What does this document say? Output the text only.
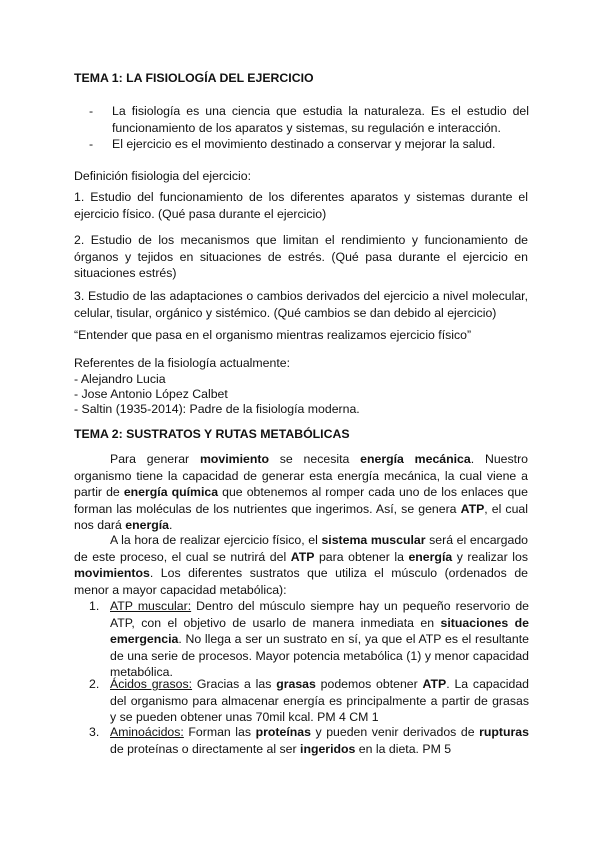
TEMA 1: LA FISIOLOGÍA DEL EJERCICIO
- La fisiología es una ciencia que estudia la naturaleza. Es el estudio del funcionamiento de los aparatos y sistemas, su regulación e interacción.
- El ejercicio es el movimiento destinado a conservar y mejorar la salud.
Definición fisiologia del ejercicio:
1. Estudio del funcionamiento de los diferentes aparatos y sistemas durante el ejercicio físico. (Qué pasa durante el ejercicio)
2. Estudio de los mecanismos que limitan el rendimiento y funcionamiento de órganos y tejidos en situaciones de estrés. (Qué pasa durante el ejercicio en situaciones estrés)
3. Estudio de las adaptaciones o cambios derivados del ejercicio a nivel molecular, celular, tisular, orgánico y sistémico. (Qué cambios se dan debido al ejercicio)
“Entender que pasa en el organismo mientras realizamos ejercicio físico”
Referentes de la fisiología actualmente:
- Alejandro Lucia
- Jose Antonio López Calbet
- Saltin (1935-2014): Padre de la fisiología moderna.
TEMA 2: SUSTRATOS Y RUTAS METABÓLICAS

Para generar movimiento se necesita energía mecánica. Nuestro organismo tiene la capacidad de generar esta energía mecánica, la cual viene a partir de energía química que obtenemos al romper cada uno de los enlaces que forman las moléculas de los nutrientes que ingerimos. Así, se genera ATP, el cual nos dará energía.

A la hora de realizar ejercicio físico, el sistema muscular será el encargado de este proceso, el cual se nutrirá del ATP para obtener la energía y realizar los movimientos. Los diferentes sustratos que utiliza el músculo (ordenados de menor a mayor capacidad metabólica):

1. ATP muscular: Dentro del músculo siempre hay un pequeño reservorio de ATP, con el objetivo de usarlo de manera inmediata en situaciones de emergencia. No llega a ser un sustrato en sí, ya que el ATP es el resultante de una serie de procesos. Mayor potencia metabólica (1) y menor capacidad metabólica.
2. Ácidos grasos: Gracias a las grasas podemos obtener ATP. La capacidad del organismo para almacenar energía es principalmente a partir de grasas y se pueden obtener unas 70mil kcal. PM 4 CM 1
3. Aminoácidos: Forman las proteínas y pueden venir derivados de rupturas de proteínas o directamente al ser ingeridos en la dieta. PM 5
